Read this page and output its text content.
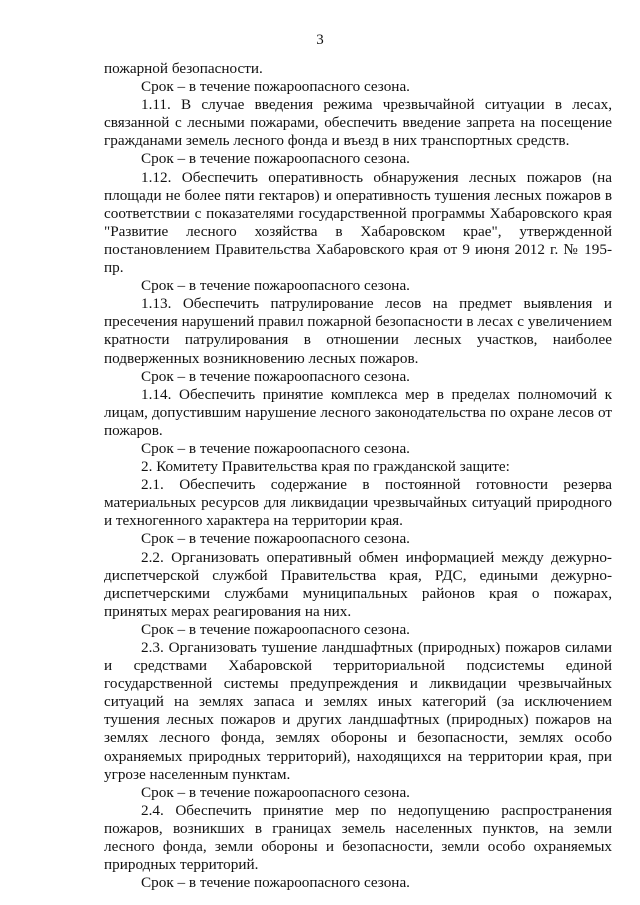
3

пожарной безопасности.

Срок – в течение пожароопасного сезона.

1.11. В случае введения режима чрезвычайной ситуации в лесах, связанной с лесными пожарами, обеспечить введение запрета на посещение гражданами земель лесного фонда и въезд в них транспортных средств.

Срок – в течение пожароопасного сезона.

1.12. Обеспечить оперативность обнаружения лесных пожаров (на площади не более пяти гектаров) и оперативность тушения лесных пожаров в соответствии с показателями государственной программы Хабаровского края "Развитие лесного хозяйства в Хабаровском крае", утвержденной постановлением Правительства Хабаровского края от 9 июня 2012 г. № 195-пр.

Срок – в течение пожароопасного сезона.

1.13. Обеспечить патрулирование лесов на предмет выявления и пресечения нарушений правил пожарной безопасности в лесах с увеличением кратности патрулирования в отношении лесных участков, наиболее подверженных возникновению лесных пожаров.

Срок – в течение пожароопасного сезона.

1.14. Обеспечить принятие комплекса мер в пределах полномочий к лицам, допустившим нарушение лесного законодательства по охране лесов от пожаров.

Срок – в течение пожароопасного сезона.

2. Комитету Правительства края по гражданской защите:

2.1. Обеспечить содержание в постоянной готовности резерва материальных ресурсов для ликвидации чрезвычайных ситуаций природного и техногенного характера на территории края.

Срок – в течение пожароопасного сезона.

2.2. Организовать оперативный обмен информацией между дежурно-диспетчерской службой Правительства края, РДС, едиными дежурно-диспетчерскими службами муниципальных районов края о пожарах, принятых мерах реагирования на них.

Срок – в течение пожароопасного сезона.

2.3. Организовать тушение ландшафтных (природных) пожаров силами и средствами Хабаровской территориальной подсистемы единой государственной системы предупреждения и ликвидации чрезвычайных ситуаций на землях запаса и землях иных категорий (за исключением тушения лесных пожаров и других ландшафтных (природных) пожаров на землях лесного фонда, землях обороны и безопасности, землях особо охраняемых природных территорий), находящихся на территории края, при угрозе населенным пунктам.

Срок – в течение пожароопасного сезона.

2.4. Обеспечить принятие мер по недопущению распространения пожаров, возникших в границах земель населенных пунктов, на земли лесного фонда, земли обороны и безопасности, земли особо охраняемых природных территорий.

Срок – в течение пожароопасного сезона.
